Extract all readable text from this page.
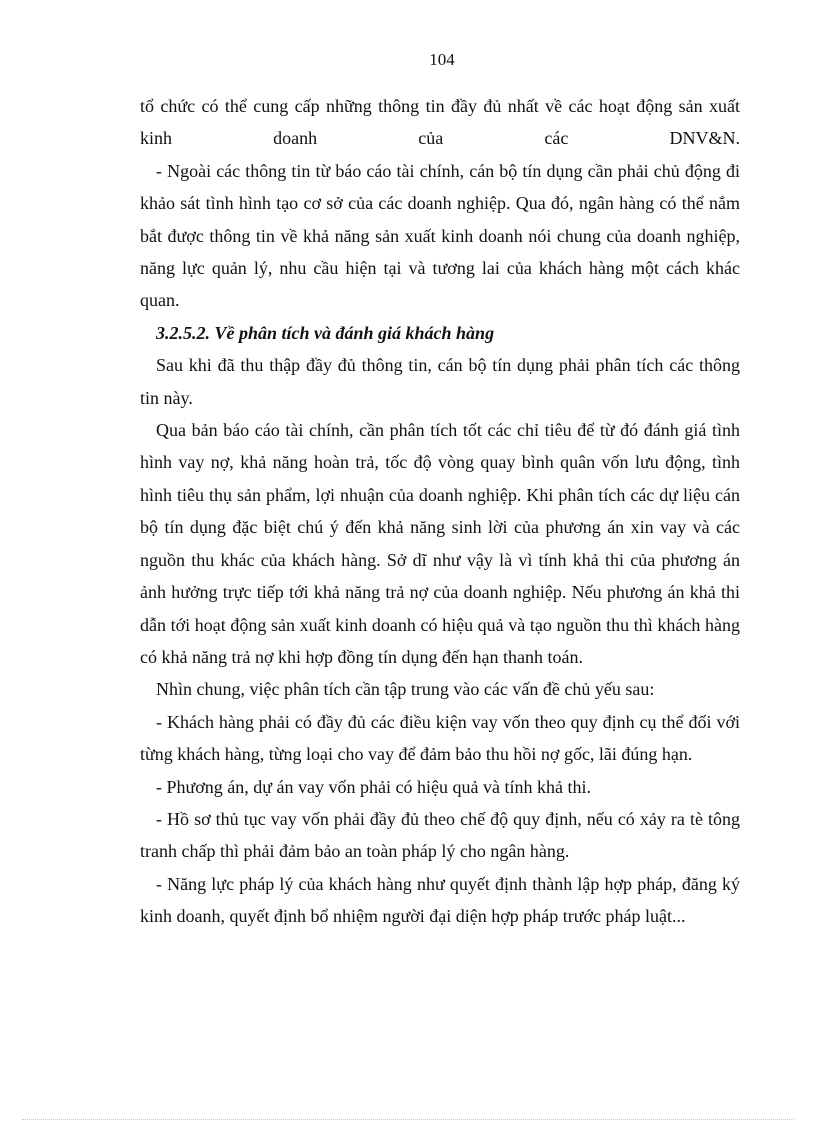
104

tổ chức có thể cung cấp những thông tin đầy đủ nhất về các hoạt động sản xuất kinh doanh của các DNV&N.

- Ngoài các thông tin từ báo cáo tài chính, cán bộ tín dụng cần phải chủ động đi khảo sát tình hình tạo cơ sở của các doanh nghiệp. Qua đó, ngân hàng có thể nắm bắt được thông tin về khả năng sản xuất kinh doanh nói chung của doanh nghiệp, năng lực quản lý, nhu cầu hiện tại và tương lai của khách hàng một cách khác quan.

3.2.5.2. Về phân tích và đánh giá khách hàng

Sau khi đã thu thập đầy đủ thông tin, cán bộ tín dụng phải phân tích các thông tin này.

Qua bản báo cáo tài chính, cần phân tích tốt các chỉ tiêu để từ đó đánh giá tình hình vay nợ, khả năng hoàn trả, tốc độ vòng quay bình quân vốn lưu động, tình hình tiêu thụ sản phẩm, lợi nhuận của doanh nghiệp. Khi phân tích các dự liệu cán bộ tín dụng đặc biệt chú ý đến khả năng sinh lời của phương án xin vay và các nguồn thu khác của khách hàng. Sở dĩ như vậy là vì tính khả thi của phương án ảnh hưởng trực tiếp tới khả năng trả nợ của doanh nghiệp. Nếu phương án khả thi dẫn tới hoạt động sản xuất kinh doanh có hiệu quả và tạo nguồn thu thì khách hàng có khả năng trả nợ khi hợp đồng tín dụng đến hạn thanh toán.

Nhìn chung, việc phân tích cần tập trung vào các vấn đề chủ yếu sau:

- Khách hàng phải có đầy đủ các điều kiện vay vốn theo quy định cụ thể đối với từng khách hàng, từng loại cho vay để đảm bảo thu hồi nợ gốc, lãi đúng hạn.

- Phương án, dự án vay vốn phải có hiệu quả và tính khả thi.

- Hồ sơ thủ tục vay vốn phải đầy đủ theo chế độ quy định, nếu có xảy ra tè tông tranh chấp thì phải đảm bảo an toàn pháp lý cho ngân hàng.

- Năng lực pháp lý của khách hàng như quyết định thành lập hợp pháp, đăng ký kinh doanh, quyết định bổ nhiệm người đại diện hợp pháp trước pháp luật...
